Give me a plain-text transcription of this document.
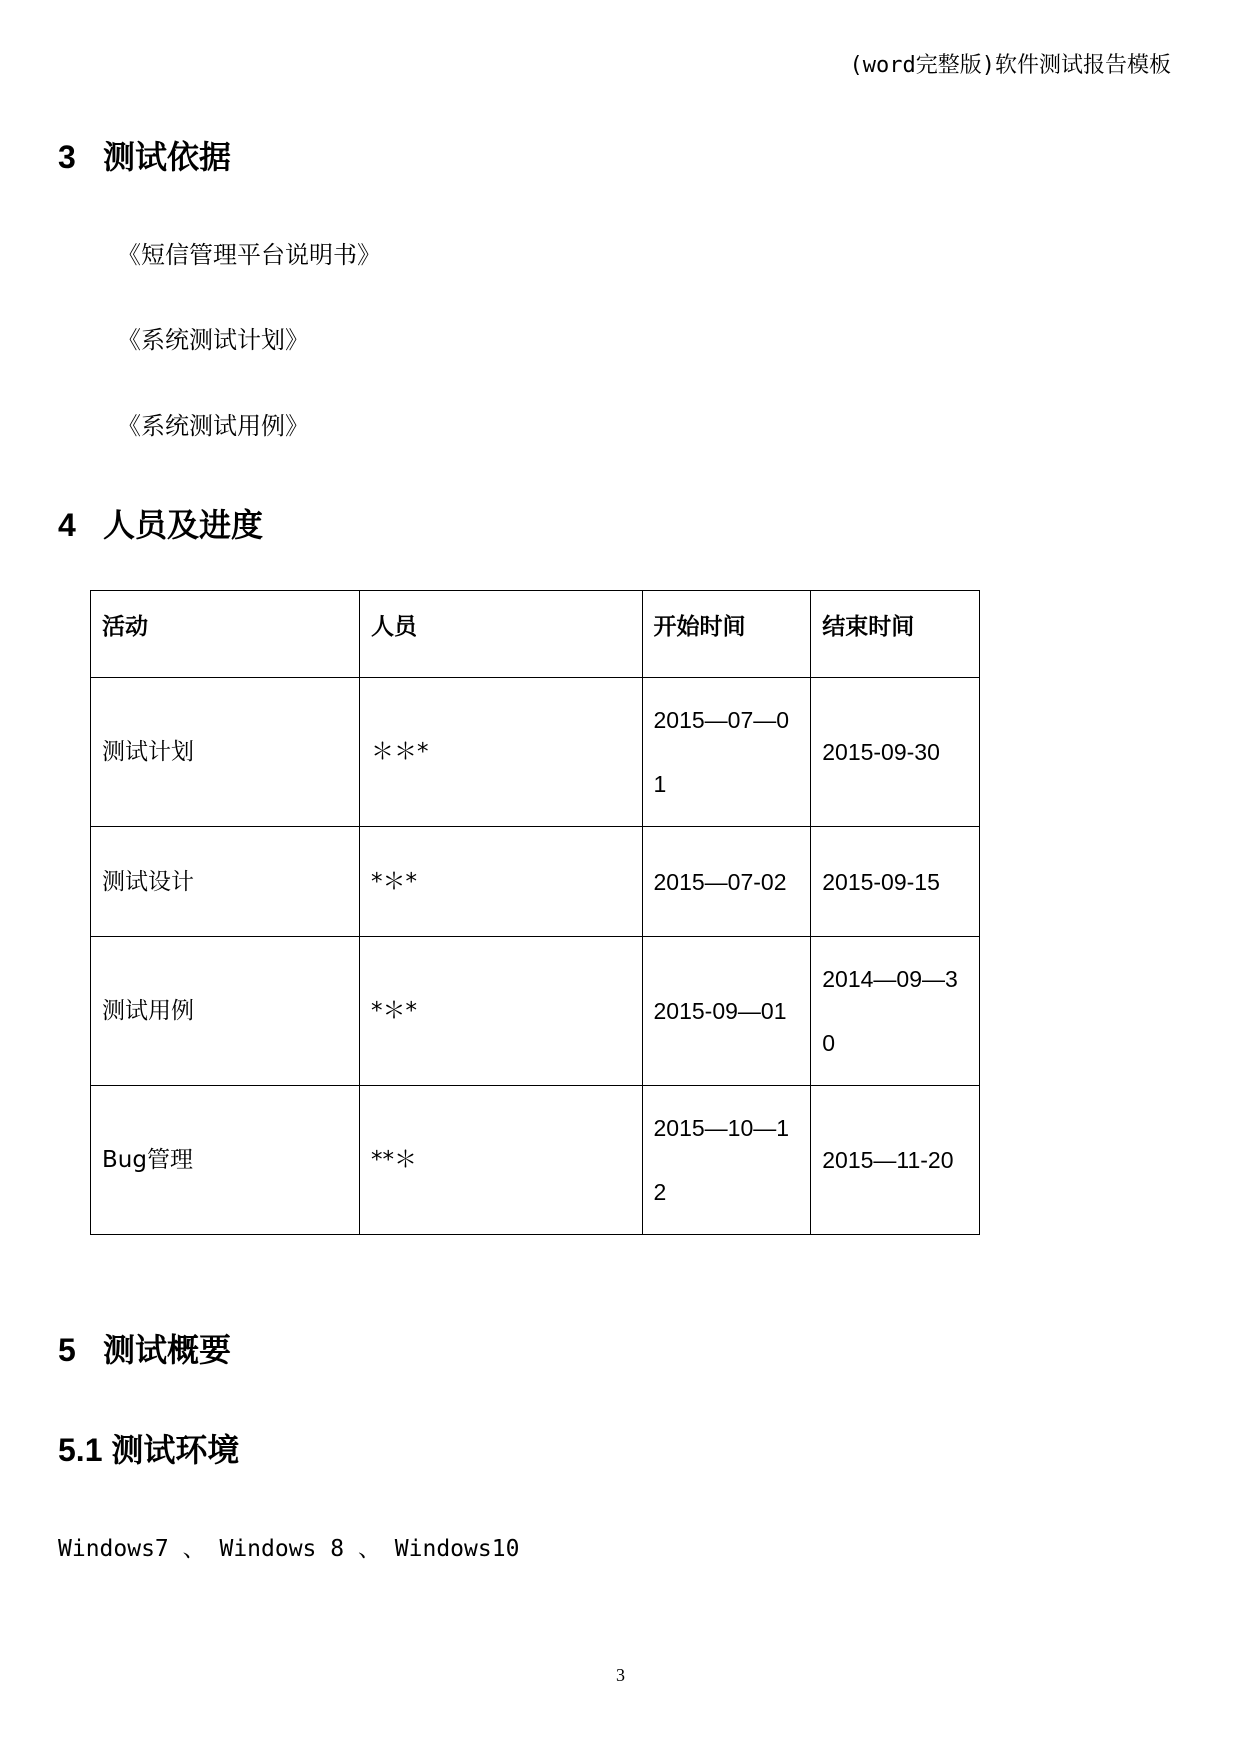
(word完整版)软件测试报告模板
3 测试依据
《短信管理平台说明书》
《系统测试计划》
《系统测试用例》
4 人员及进度
活动	人员	开始时间	结束时间
测试计划	＊＊*	2015—07—01	2015-09-30
测试设计	*＊*	2015—07-02	2015-09-15
测试用例	*＊*	2015-09—01	2014—09—30
Bug管理	**＊	2015—10—12	2015—11-20
5 测试概要
5.1 测试环境
Windows7 、 Windows 8 、 Windows10
3
